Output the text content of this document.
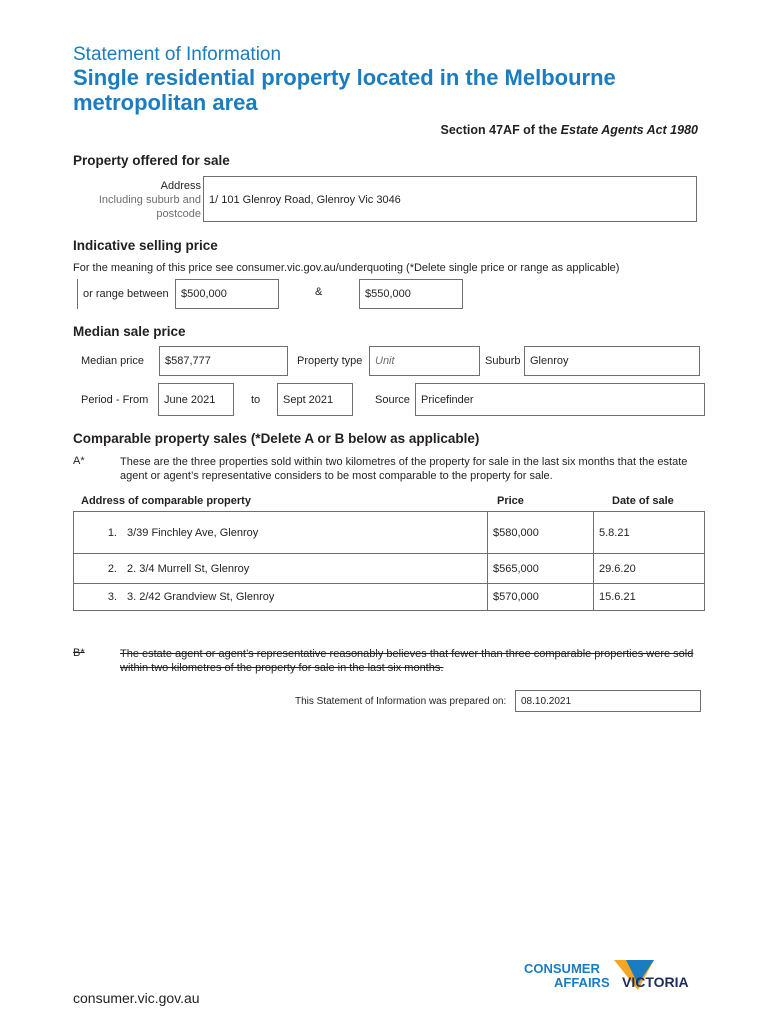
Statement of Information
Single residential property located in the Melbourne metropolitan area
Section 47AF of the Estate Agents Act 1980
Property offered for sale
Address
Including suburb and
postcode
1/ 101 Glenroy Road, Glenroy Vic 3046
Indicative selling price
For the meaning of this price see consumer.vic.gov.au/underquoting (*Delete single price or range as applicable)
or range between	$500,000	&	$550,000
Median sale price
Median price	$587,777	Property type	Unit	Suburb Glenroy
Period - From	June 2021	to	Sept 2021	Source	Pricefinder
Comparable property sales (*Delete A or B below as applicable)
A*	These are the three properties sold within two kilometres of the property for sale in the last six months that the estate agent or agent’s representative considers to be most comparable to the property for sale.
Address of comparable property	Price	Date of sale
1.	3/39 Finchley Ave, Glenroy	$580,000	5.8.21
2.	2. 3/4 Murrell St, Glenroy	$565,000	29.6.20
3.	3. 2/42 Grandview St, Glenroy	$570,000	15.6.21
B*	The estate agent or agent’s representative reasonably believes that fewer than three comparable properties were sold within two kilometres of the property for sale in the last six months.
This Statement of Information was prepared on:	08.10.2021
consumer.vic.gov.au
CONSUMER
AFFAIRS VICTORIA
